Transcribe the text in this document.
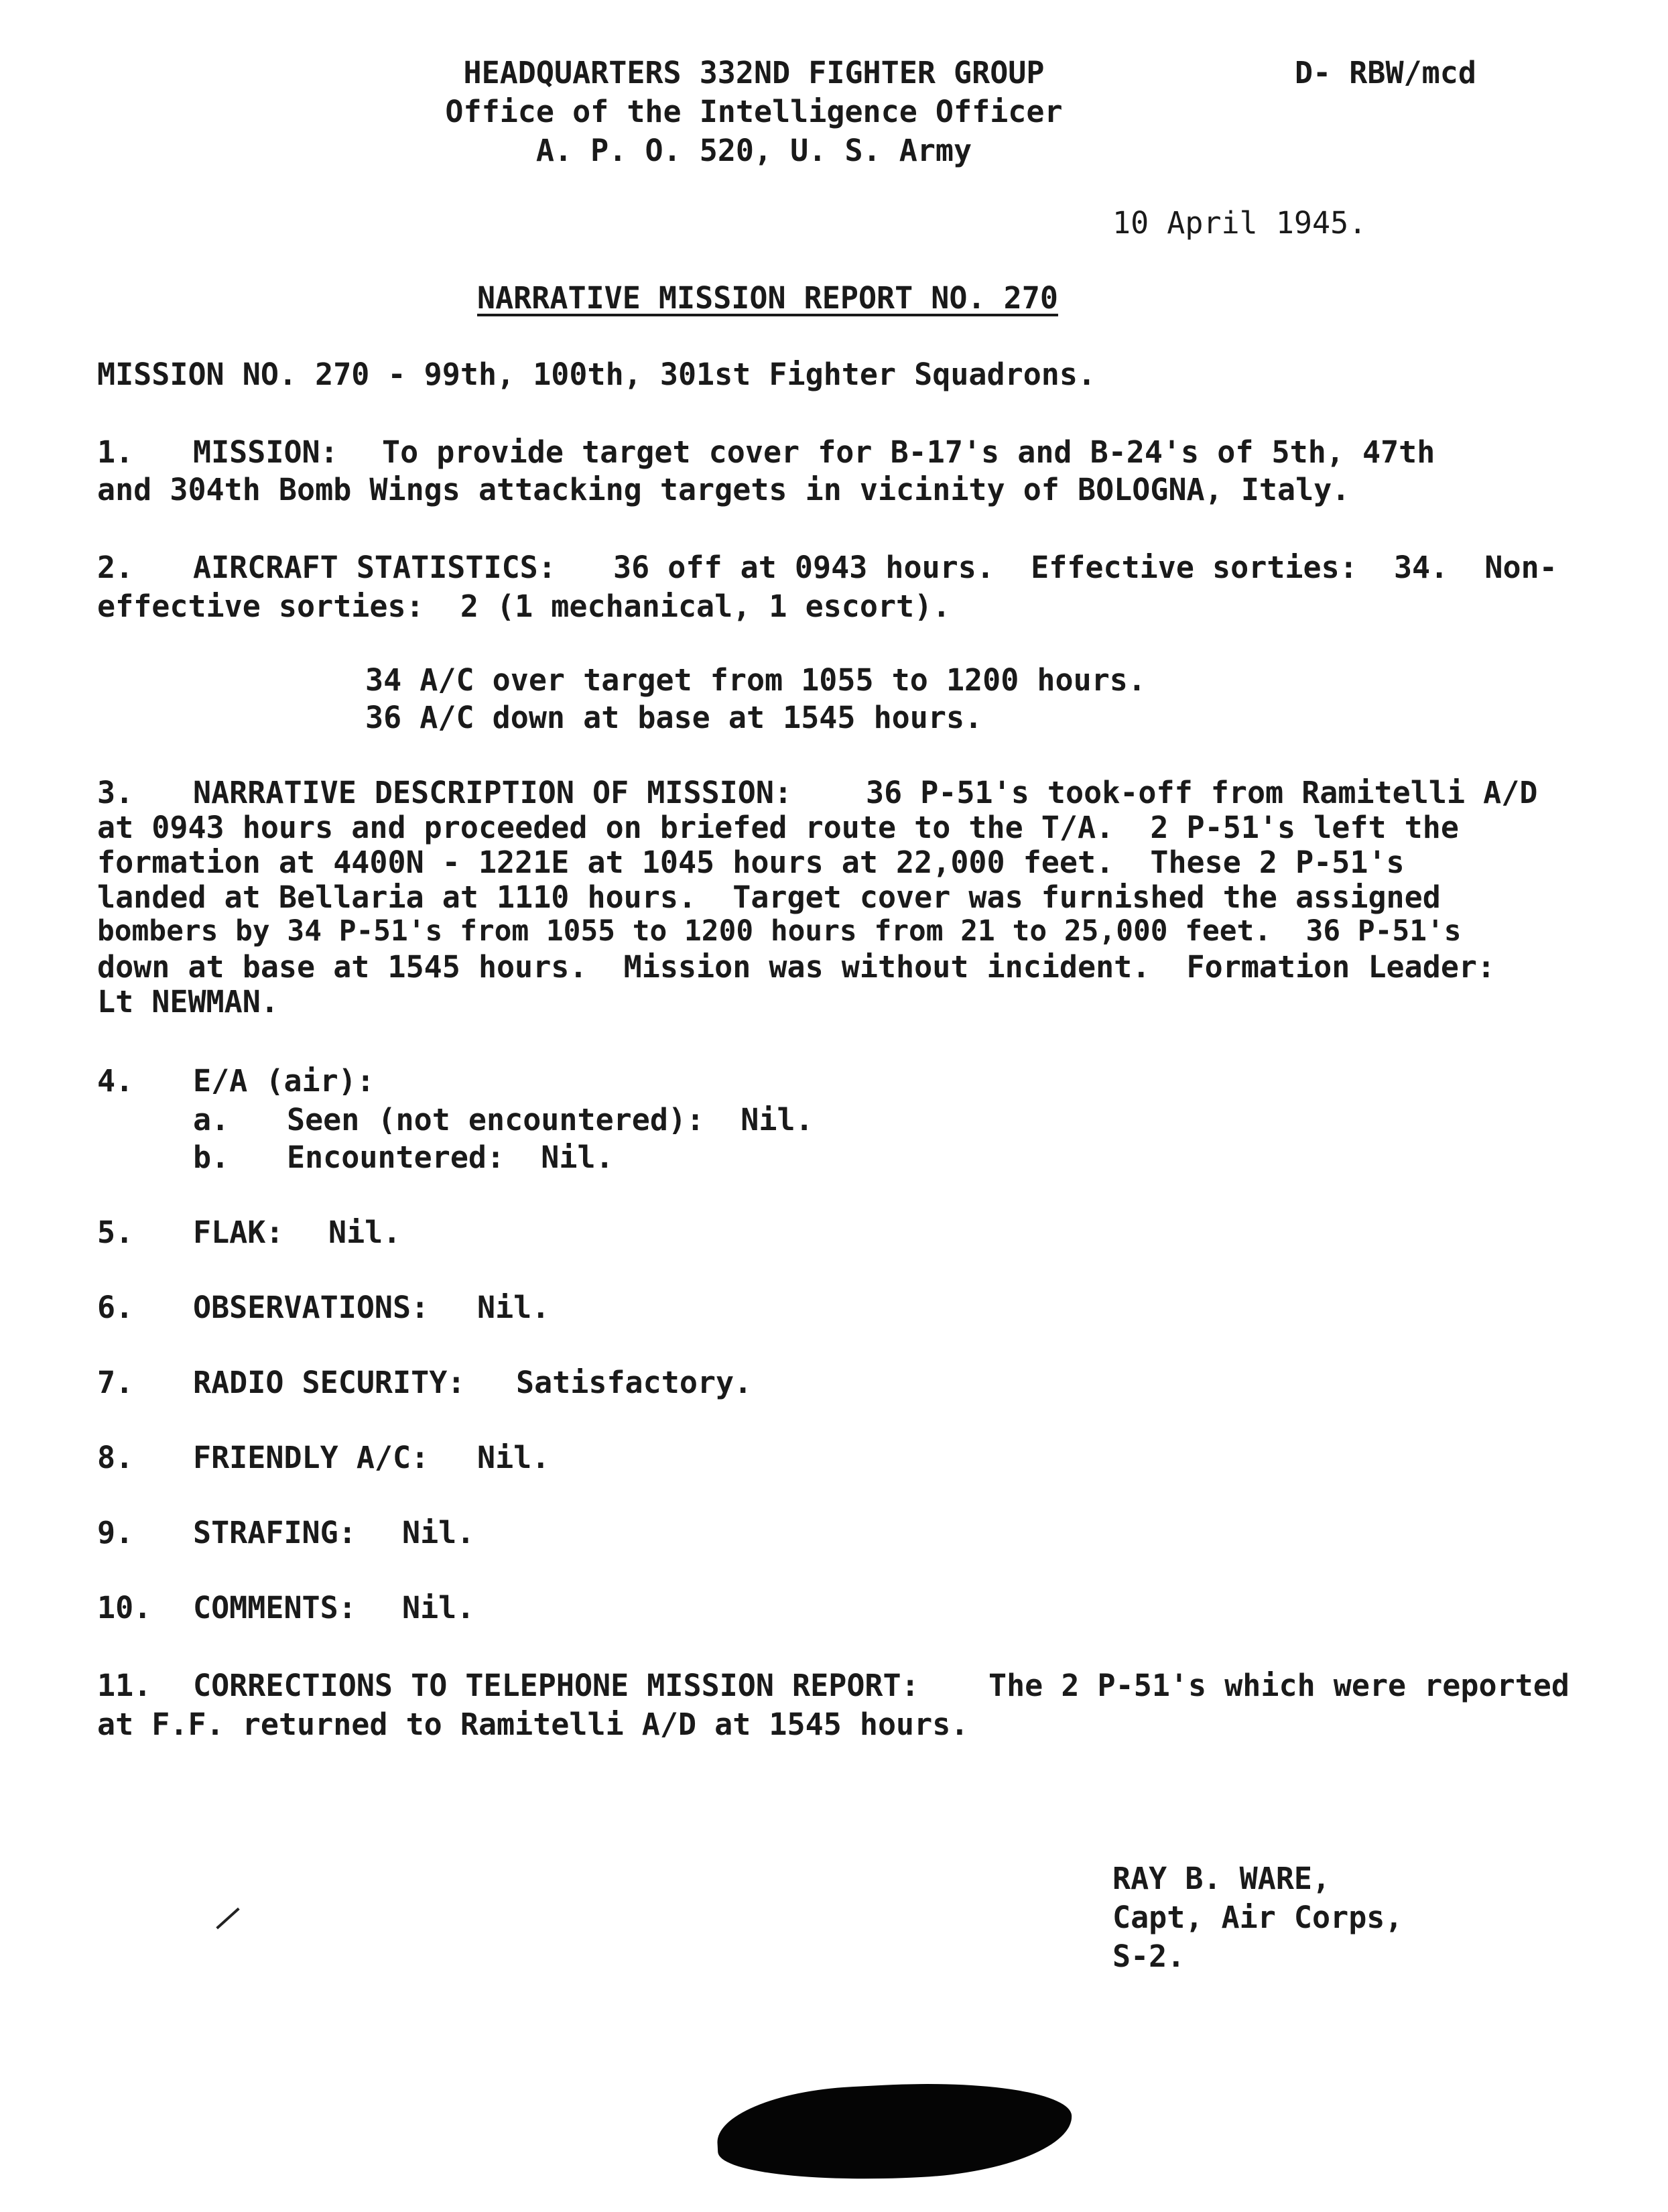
HEADQUARTERS 332ND FIGHTER GROUP
Office of the Intelligence Officer
A. P. O. 520, U. S. Army
D- RBW/mcd
10 April 1945.
NARRATIVE MISSION REPORT NO. 270
MISSION NO. 270 - 99th, 100th, 301st Fighter Squadrons.
1. MISSION: To provide target cover for B-17's and B-24's of 5th, 47th
and 304th Bomb Wings attacking targets in vicinity of BOLOGNA, Italy.
2. AIRCRAFT STATISTICS: 36 off at 0943 hours.  Effective sorties:  34.  Non-
effective sorties:  2 (1 mechanical, 1 escort).
34 A/C over target from 1055 to 1200 hours.
36 A/C down at base at 1545 hours.
3. NARRATIVE DESCRIPTION OF MISSION: 36 P-51's took-off from Ramitelli A/D
at 0943 hours and proceeded on briefed route to the T/A.  2 P-51's left the
formation at 4400N - 1221E at 1045 hours at 22,000 feet.  These 2 P-51's
landed at Bellaria at 1110 hours.  Target cover was furnished the assigned
bombers by 34 P-51's from 1055 to 1200 hours from 21 to 25,000 feet.  36 P-51's
down at base at 1545 hours.  Mission was without incident.  Formation Leader:
Lt NEWMAN.
4. E/A (air):
a. Seen (not encountered):  Nil.
b. Encountered:  Nil.
5. FLAK: Nil.
6. OBSERVATIONS: Nil.
7. RADIO SECURITY: Satisfactory.
8. FRIENDLY A/C: Nil.
9. STRAFING: Nil.
10. COMMENTS: Nil.
11. CORRECTIONS TO TELEPHONE MISSION REPORT: The 2 P-51's which were reported
at F.F. returned to Ramitelli A/D at 1545 hours.
RAY B. WARE,
Capt, Air Corps,
S-2.
